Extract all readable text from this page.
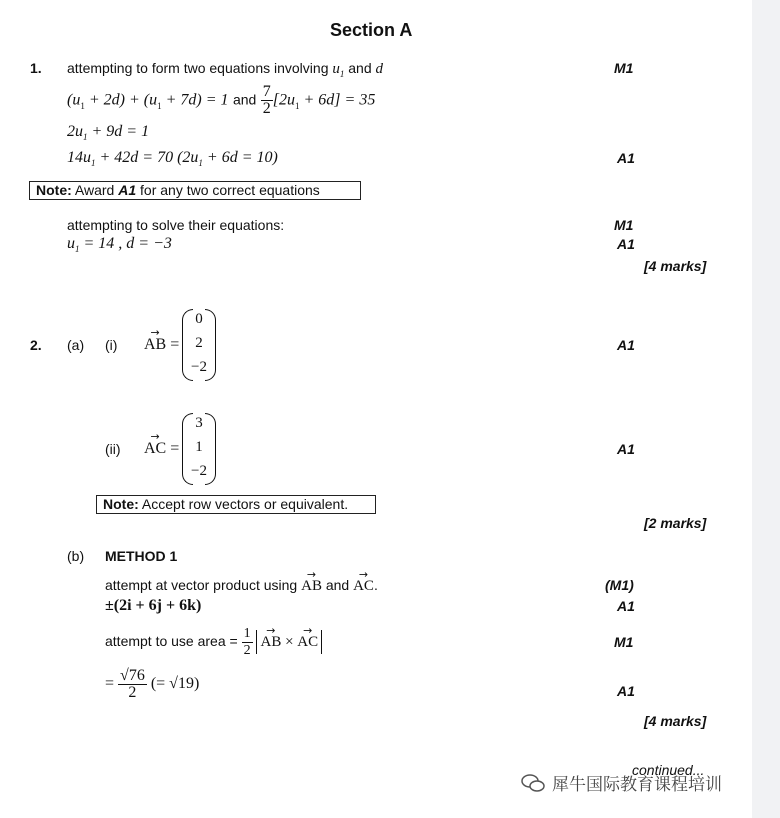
Section A
1. attempting to form two equations involving $u_1$ and d	M1
$(u_1 + 2d) + (u_1 + 7d) = 1$ and $\frac{7}{2} [2u_1 + 6d] = 35$
$2u_1 + 9d = 1$
$14u_1 + 42d = 70$ $(2u_1 + 6d = 10)$	A1
Note: Award A1 for any two correct equations
attempting to solve their equations:	M1
$u_1 = 14$ , d = −3	A1
[4 marks]
2. (a) (i)
→
AB =
0
2
−2
A1
(ii)
→
AC =
3
1
−2
A1
Note: Accept row vectors or equivalent.
[2 marks]
(b) METHOD 1
attempt at vector product using
→
AB and
→
AC.	(M1)
±(2i + 6j + 6k)	A1
attempt to use area = $\frac{1}{2}$
→
AB ×
→
AC	M1
= $\frac{√76}{2}$ (= √19)	A1
[4 marks]
continued...
犀牛国际教育课程培训
